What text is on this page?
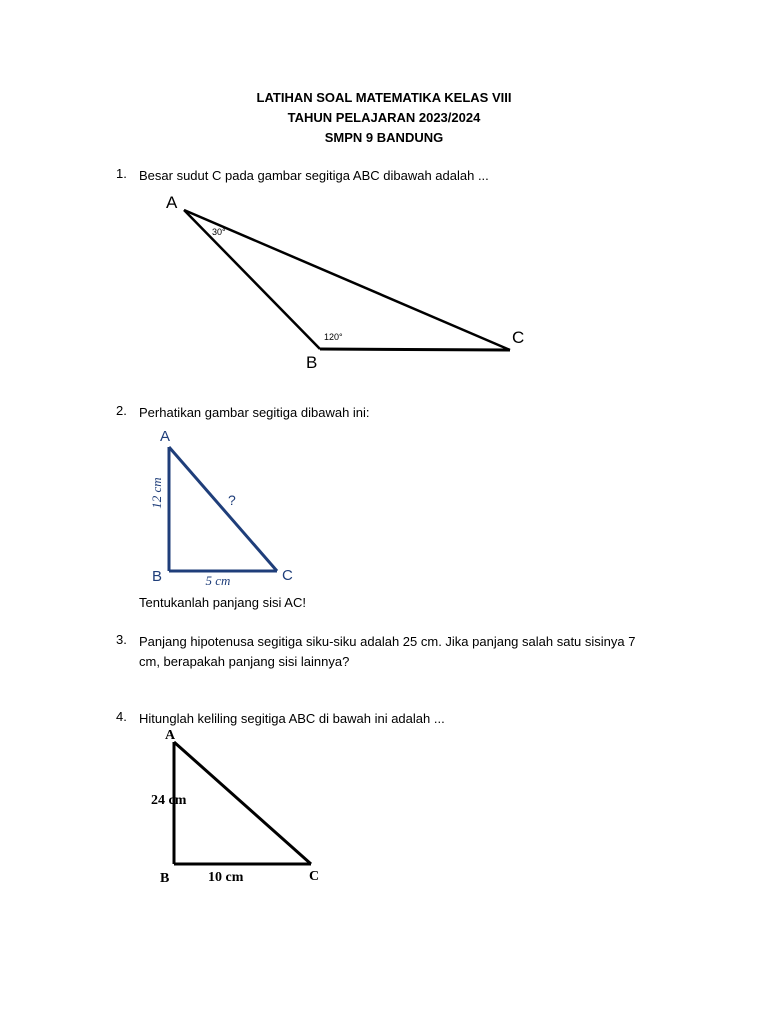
LATIHAN SOAL MATEMATIKA KELAS VIII
TAHUN PELAJARAN 2023/2024
SMPN 9 BANDUNG
1. Besar sudut C pada gambar segitiga ABC dibawah adalah ...
A
B
C
30°
120°
2. Perhatikan gambar segitiga dibawah ini:
A
B	C
12 cm
5 cm
?
Tentukanlah panjang sisi AC!
3. Panjang hipotenusa segitiga siku-siku adalah 25 cm. Jika panjang salah satu sisinya 7
cm, berapakah panjang sisi lainnya?
4. Hitunglah keliling segitiga ABC di bawah ini adalah ...
A
B	C
24 cm
10 cm
